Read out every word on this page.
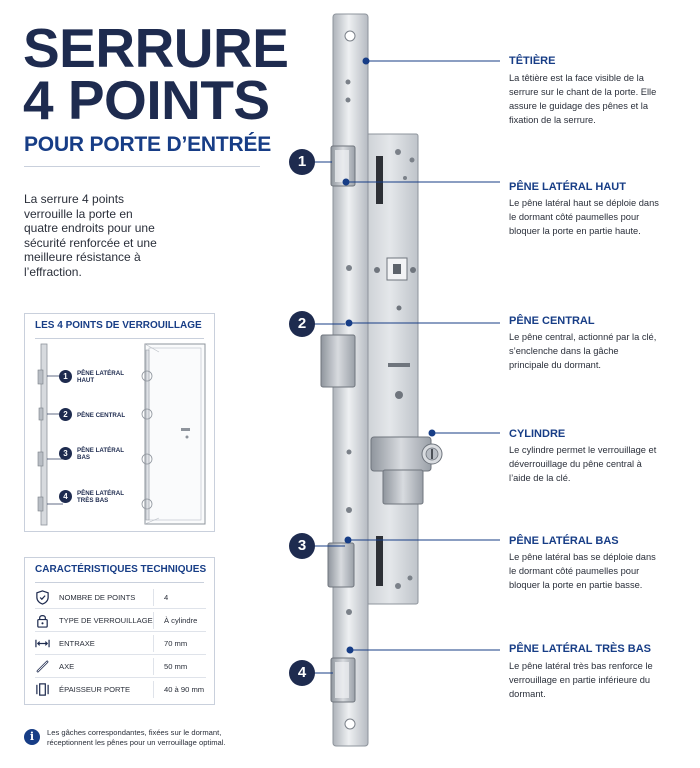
SERRURE
4 POINTS
POUR PORTE D’ENTRÉE
La serrure 4 points verrouille la porte en quatre endroits pour une sécurité renforcée et une meilleure résistance à l’effraction.
LES 4 POINTS DE VERROUILLAGE
1	PÊNE LATÉRAL HAUT
2	PÊNE CENTRAL
3	PÊNE LATÉRAL BAS
4	PÊNE LATÉRAL TRÈS BAS
CARACTÉRISTIQUES TECHNIQUES
NOMBRE DE POINTS	4
TYPE DE VERROUILLAGE À cylindre
ENTRAXE	70 mm
AXE	50 mm
ÉPAISSEUR PORTE	40 à 90 mm
i	Les gâches correspondantes, fixées sur le dormant, réceptionnent les pênes pour un verrouillage optimal.
1
2
3
4
TÊTIÈRE
La têtière est la face visible de la serrure sur le chant de la porte. Elle assure le guidage des pênes et la fixation de la serrure.
PÊNE LATÉRAL HAUT
Le pêne latéral haut se déploie dans le dormant côté paumelles pour bloquer la porte en partie haute.
PÊNE CENTRAL
Le pêne central, actionné par la clé, s’enclenche dans la gâche principale du dormant.
CYLINDRE
Le cylindre permet le verrouillage et déverrouillage du pêne central à l’aide de la clé.
PÊNE LATÉRAL BAS
Le pêne latéral bas se déploie dans le dormant côté paumelles pour bloquer la porte en partie basse.
PÊNE LATÉRAL TRÈS BAS
Le pêne latéral très bas renforce le verrouillage en partie inférieure du dormant.
